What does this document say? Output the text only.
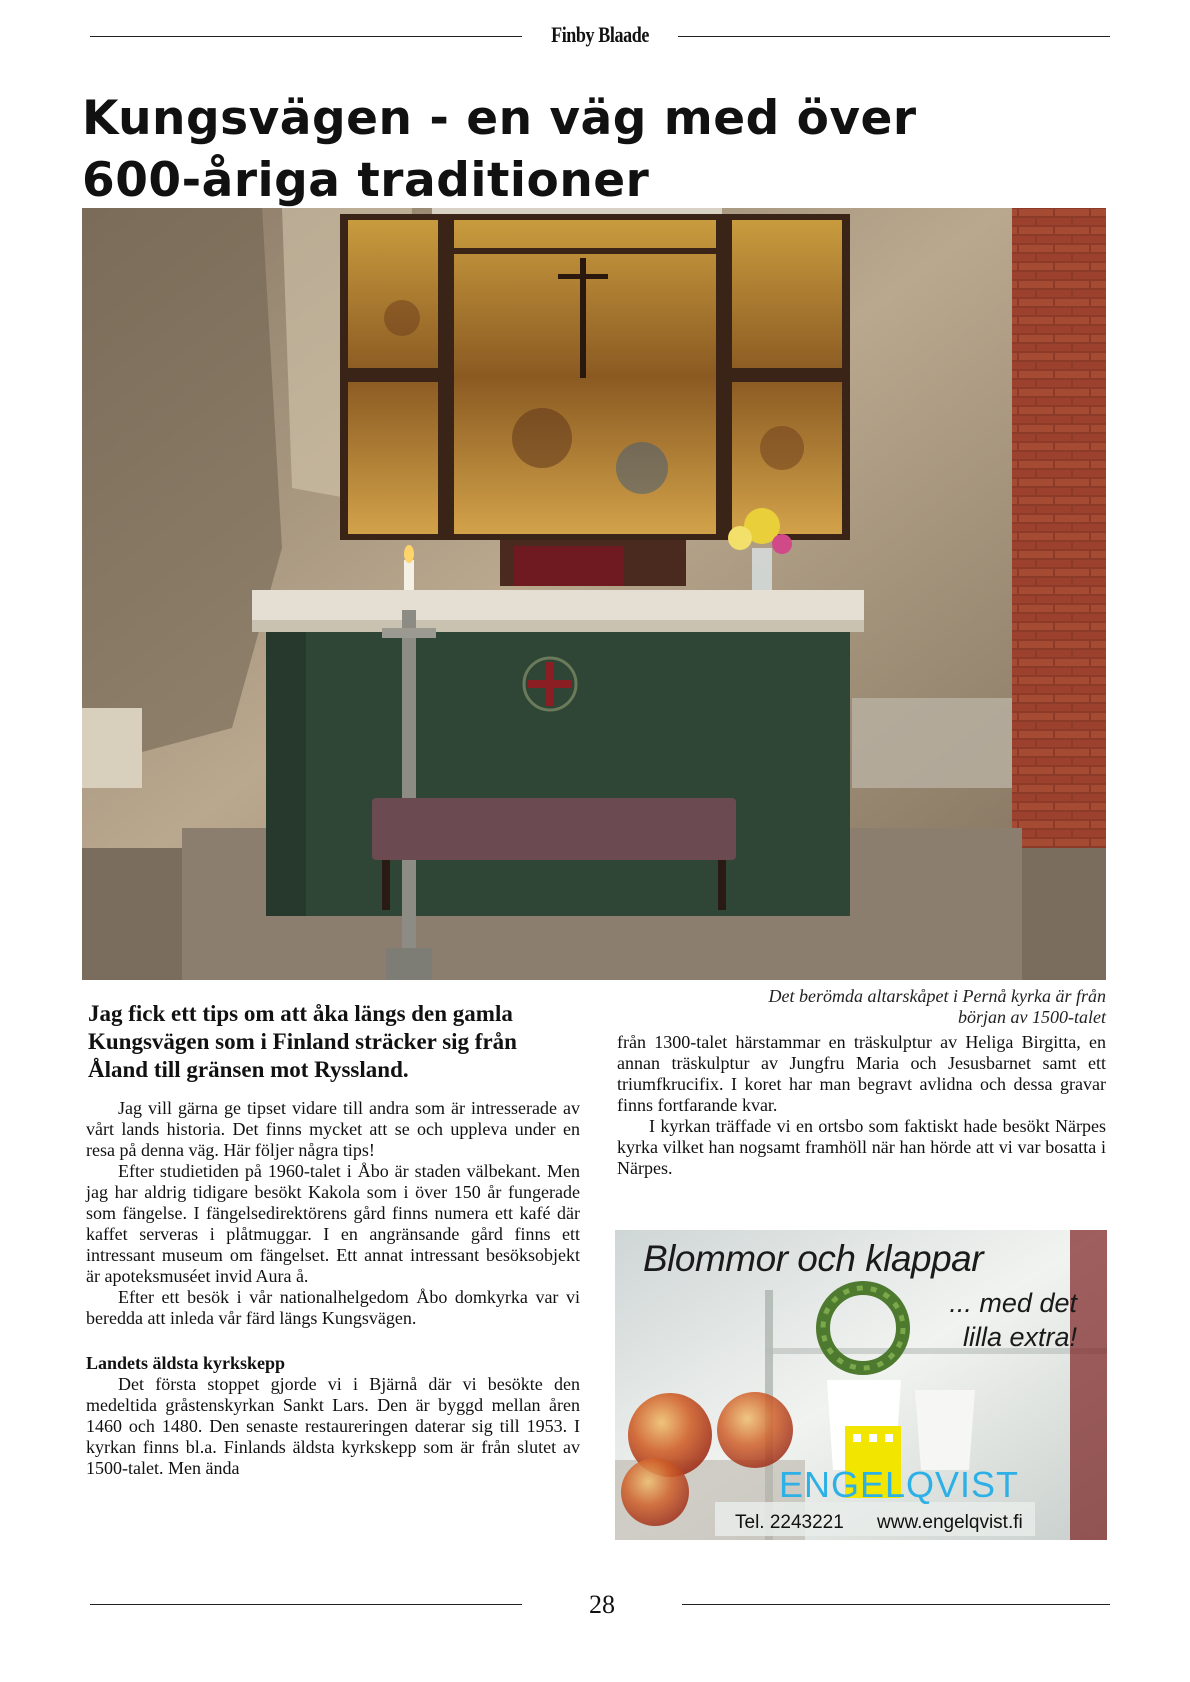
Finby Blaade
Kungsvägen - en väg med över
600-åriga traditioner
Det berömda altarskåpet i Pernå kyrka är från
början av 1500-talet

Jag fick ett tips om att åka längs den gamla Kungsvägen som i Finland sträcker sig från Åland till gränsen mot Ryssland.

Jag vill gärna ge tipset vidare till andra som är intresserade av vårt lands historia. Det finns mycket att se och uppleva under en resa på denna väg. Här följer några tips!

Efter studietiden på 1960-talet i Åbo är staden välbekant. Men jag har aldrig tidigare besökt Kakola som i över 150 år fungerade som fängelse. I fängelsedirektörens gård finns numera ett kafé där kaffet serveras i plåtmuggar. I en angränsande gård finns ett intressant museum om fängelset. Ett annat intressant besöksobjekt är apoteksmuséet invid Aura å.

Efter ett besök i vår nationalhelgedom Åbo domkyrka var vi beredda att inleda vår färd längs Kungsvägen.

Landets äldsta kyrkskepp

Det första stoppet gjorde vi i Bjärnå där vi besökte den medeltida gråstenskyrkan Sankt Lars. Den är byggd mellan åren 1460 och 1480. Den senaste restaureringen daterar sig till 1953. I kyrkan finns bl.a. Finlands äldsta kyrkskepp som är från slutet av 1500-talet. Men ända

från 1300-talet härstammar en träskulptur av Heliga Birgitta, en annan träskulptur av Jungfru Maria och Jesusbarnet samt ett triumfkrucifix. I koret har man begravt avlidna och dessa gravar finns fortfarande kvar.

I kyrkan träffade vi en ortsbo som faktiskt hade besökt Närpes kyrka vilket han nogsamt framhöll när han hörde att vi var bosatta i Närpes.

Blommor och klappar
... med det
lilla extra!
ENGELQVIST
Tel. 2243221 www.engelqvist.fi
28
